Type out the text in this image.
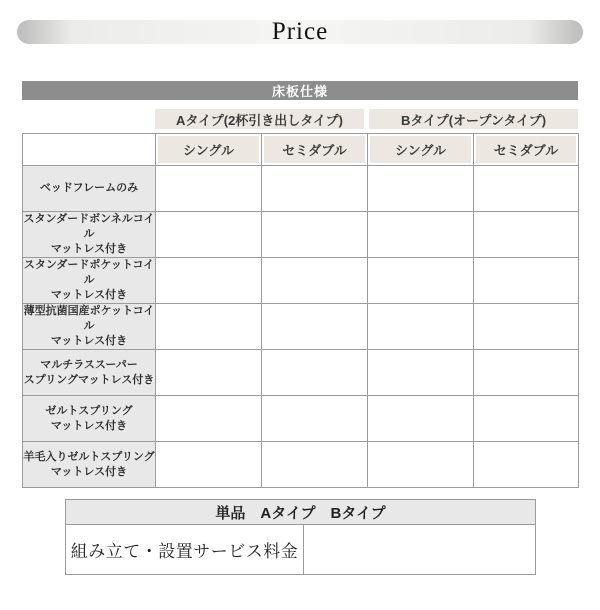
Price
床板仕様
Aタイプ(2杯引き出しタイプ)	Bタイプ(オープンタイプ)

シングル	セミダブル	シングル	セミダブル

ベッドフレームのみ				

スタンダードボンネルコイル
マットレス付き				

スタンダードポケットコイル
マットレス付き				

薄型抗菌国産ポケットコイル
マットレス付き				

マルチラススーパー
スプリングマットレス付き				

ゼルトスプリング
マットレス付き				

羊毛入りゼルトスプリング
マットレス付き				

単品　Aタイプ　Bタイプ
組み立て・設置サービス料金	
